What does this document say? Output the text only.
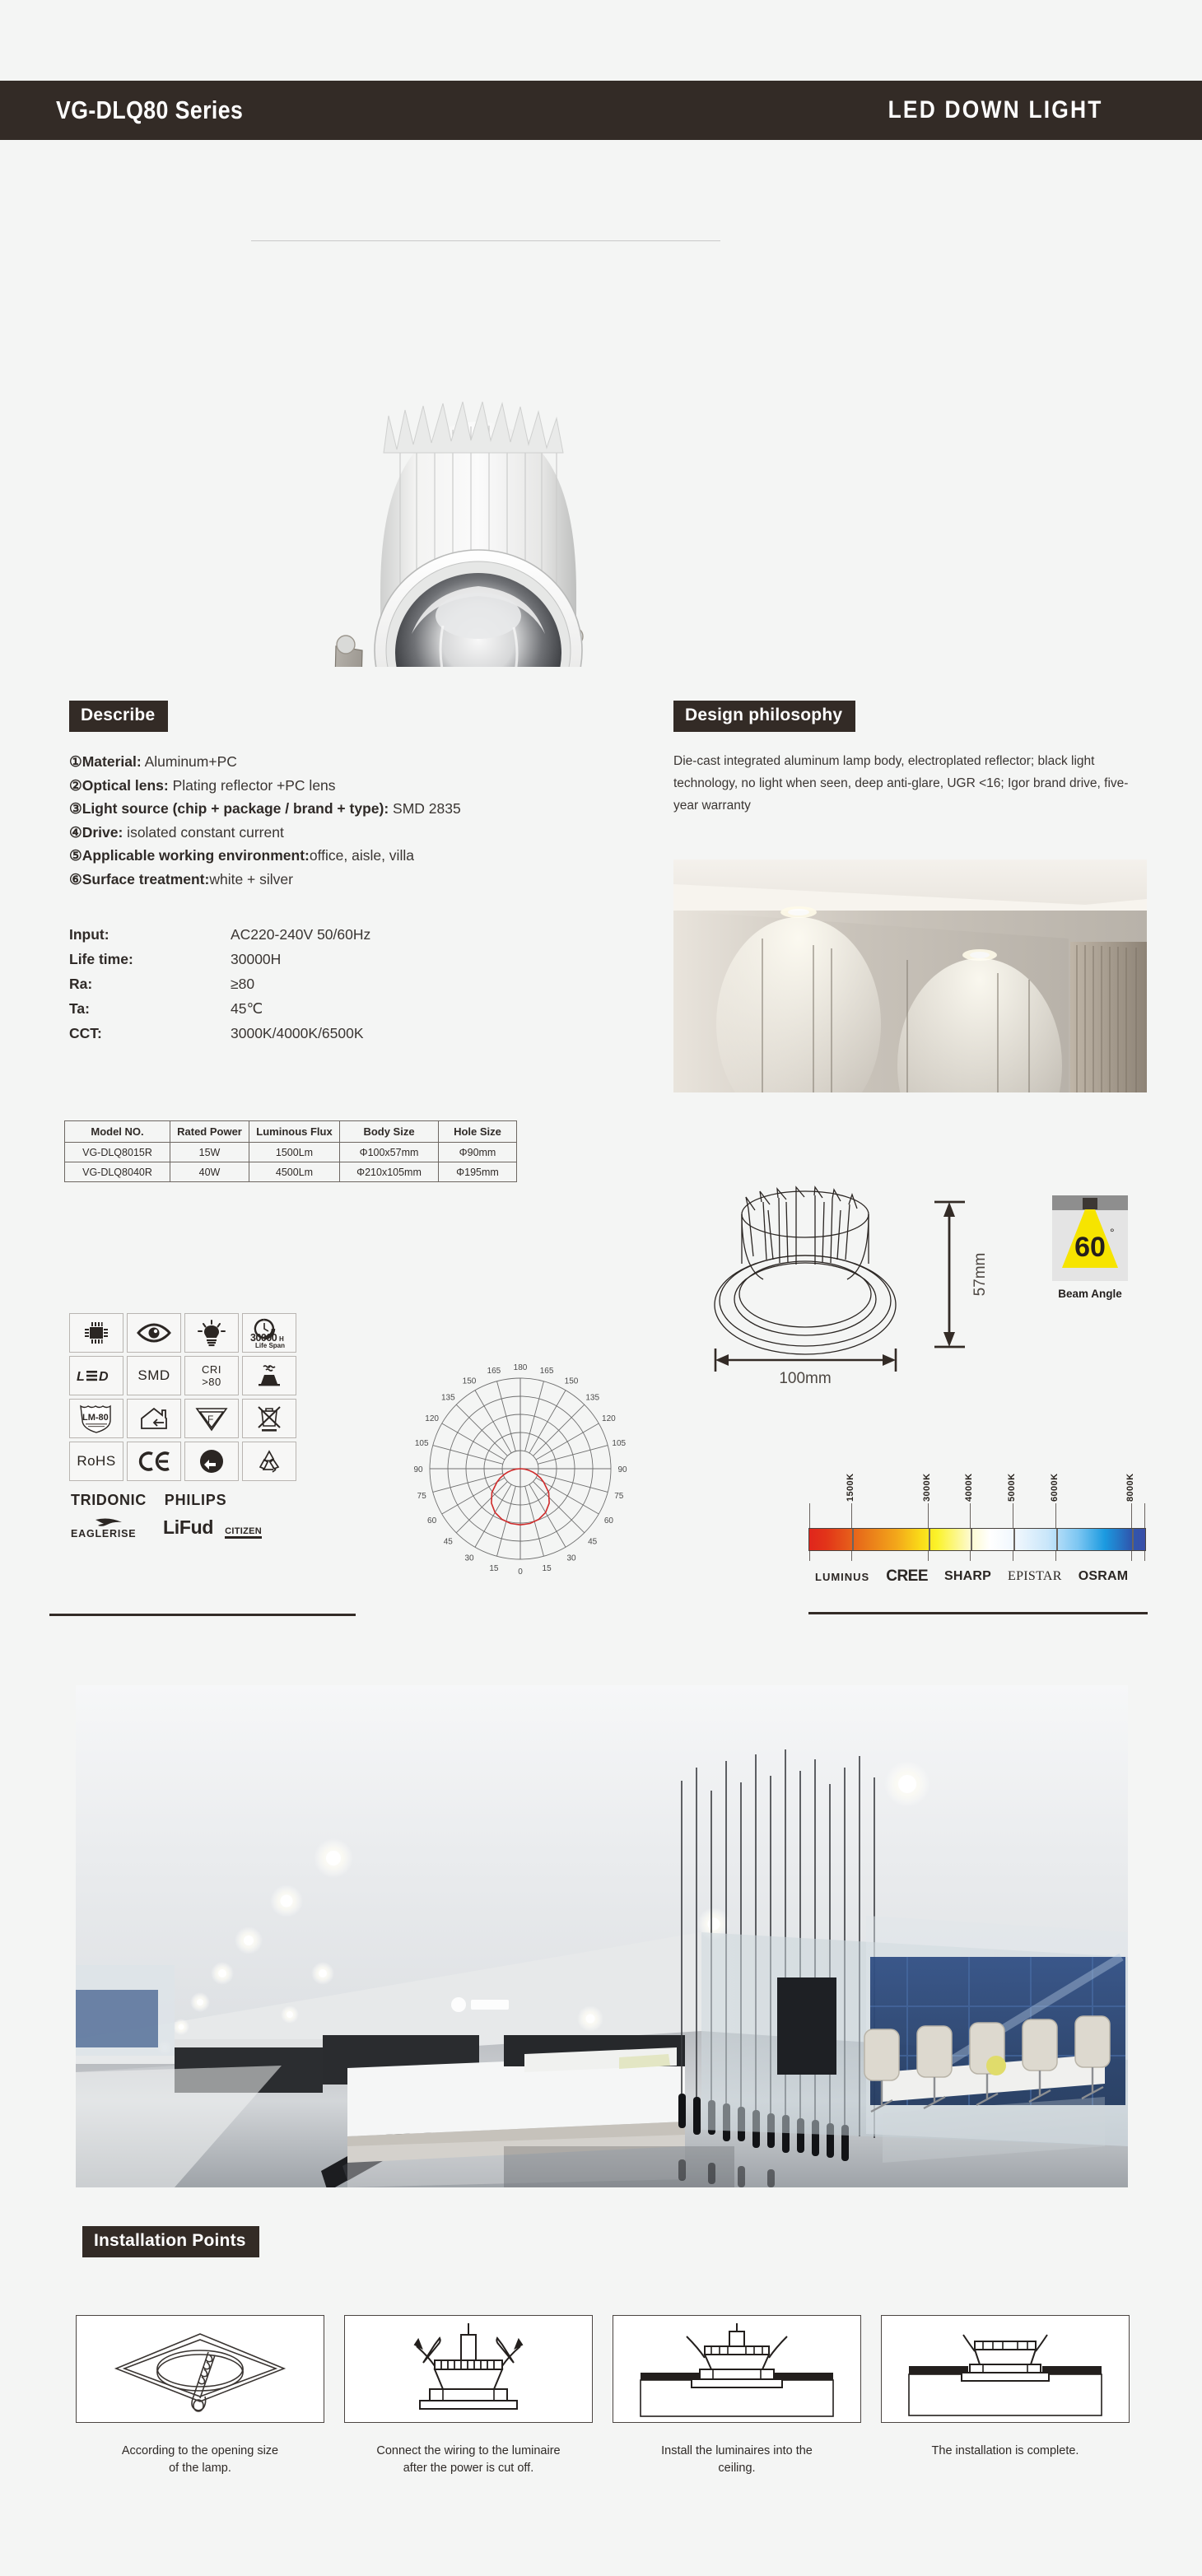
VG-DLQ80 Series	LED DOWN LIGHT
Describe
①Material: Aluminum+PC
②Optical lens: Plating reflector +PC lens
③Light source (chip + package / brand + type): SMD 2835
④Drive: isolated constant current
⑤Applicable working environment:office, aisle, villa
⑥Surface treatment:white + silver
Input:	AC220-240V 50/60Hz
Life time:	30000H
Ra:	≥80
Ta:	45℃
CCT:	3000K/4000K/6500K
Model NO.	Rated Power	Luminous Flux	Body Size	Hole Size
VG-DLQ8015R	15W	1500Lm	Φ100x57mm	Φ90mm
VG-DLQ8040R	40W	4500Lm	Φ210x105mm	Φ195mm
30000 H
Life Span
L D SMD	CRI
>80
LM-80	F
RoHS
TRIDONIC PHILIPS
EAGLERISE LiFud CITIZEN
0 15
15
30
30
45
45
60
60
75
75
90
90
105
105
120
120
135
135
150
150
165
165 180
Design philosophy
Die-cast integrated aluminum lamp body, electroplated reflector; black light technology, no light when seen, deep anti-glare, UGR <16; Igor brand drive, five-year warranty
100mm
57mm
60 °
Beam Angle
1500K	3000K	4000K	5000K	6000K	8000K
LUMINUS CREE SHARP EPISTAR OSRAM
Installation Points
According to the opening size
of the lamp.
Connect the wiring to the luminaire
after the power is cut off.
Install the luminaires into the
ceiling.
The installation is complete.
